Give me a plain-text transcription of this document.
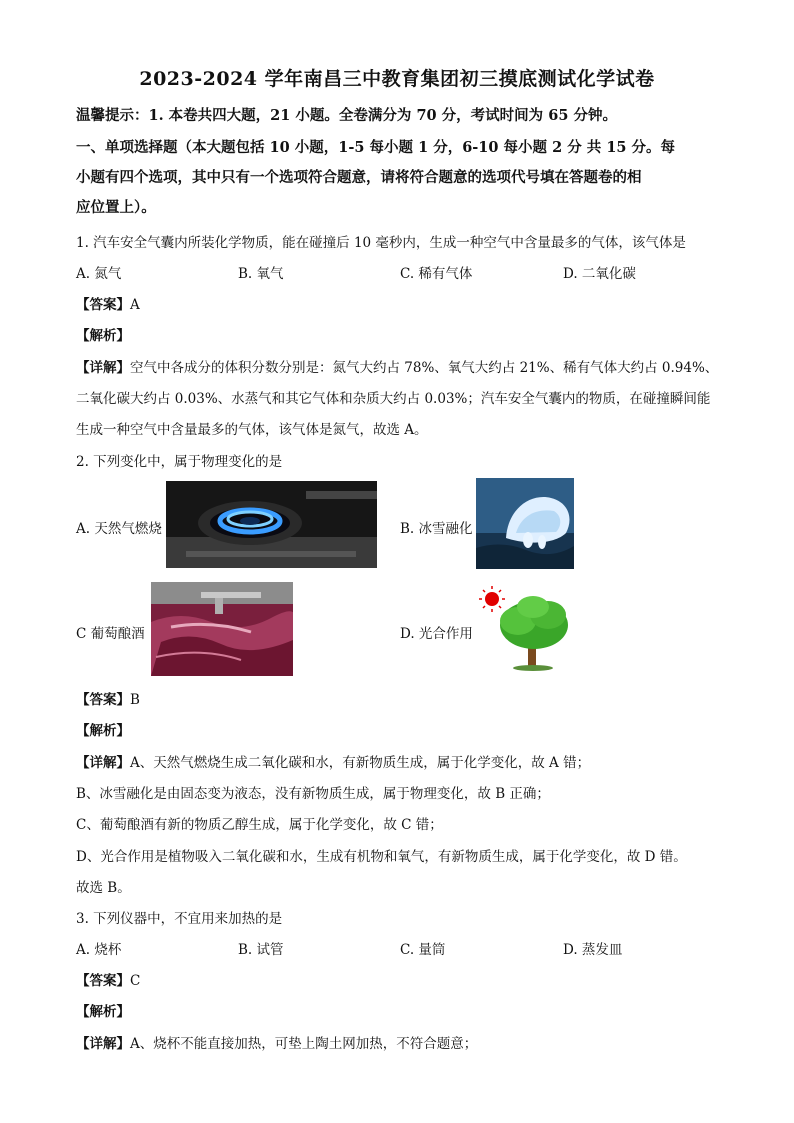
2023-2024 学年南昌三中教育集团初三摸底测试化学试卷
温馨提示：1. 本卷共四大题，21 小题。全卷满分为 70 分，考试时间为 65 分钟。
一、单项选择题（本大题包括 10 小题，1-5 每小题 1 分，6-10 每小题 2 分 共 15 分。每
小题有四个选项，其中只有一个选项符合题意，请将符合题意的选项代号填在答题卷的相
应位置上）。
1. 汽车安全气囊内所装化学物质，能在碰撞后 10 毫秒内，生成一种空气中含量最多的气体，该气体是
A. 氮气	B. 氧气	C. 稀有气体	D. 二氧化碳
【答案】A
【解析】
【详解】空气中各成分的体积分数分别是：氮气大约占 78%、氧气大约占 21%、稀有气体大约占 0.94%、
二氧化碳大约占 0.03%、水蒸气和其它气体和杂质大约占 0.03%；汽车安全气囊内的物质，在碰撞瞬间能
生成一种空气中含量最多的气体，该气体是氮气，故选 A。
2. 下列变化中，属于物理变化的是
A. 天然气燃烧	B. 冰雪融化
C 葡萄酿酒	D. 光合作用
【答案】B
【解析】
【详解】A、天然气燃烧生成二氧化碳和水，有新物质生成，属于化学变化，故 A 错；
B、冰雪融化是由固态变为液态，没有新物质生成，属于物理变化，故 B 正确；
C、葡萄酿酒有新的物质乙醇生成，属于化学变化，故 C 错；
D、光合作用是植物吸入二氧化碳和水，生成有机物和氧气，有新物质生成，属于化学变化，故 D 错。
故选 B。
3. 下列仪器中，不宜用来加热的是
A. 烧杯	B. 试管	C. 量筒	D. 蒸发皿
【答案】C
【解析】
【详解】A、烧杯不能直接加热，可垫上陶土网加热，不符合题意；
